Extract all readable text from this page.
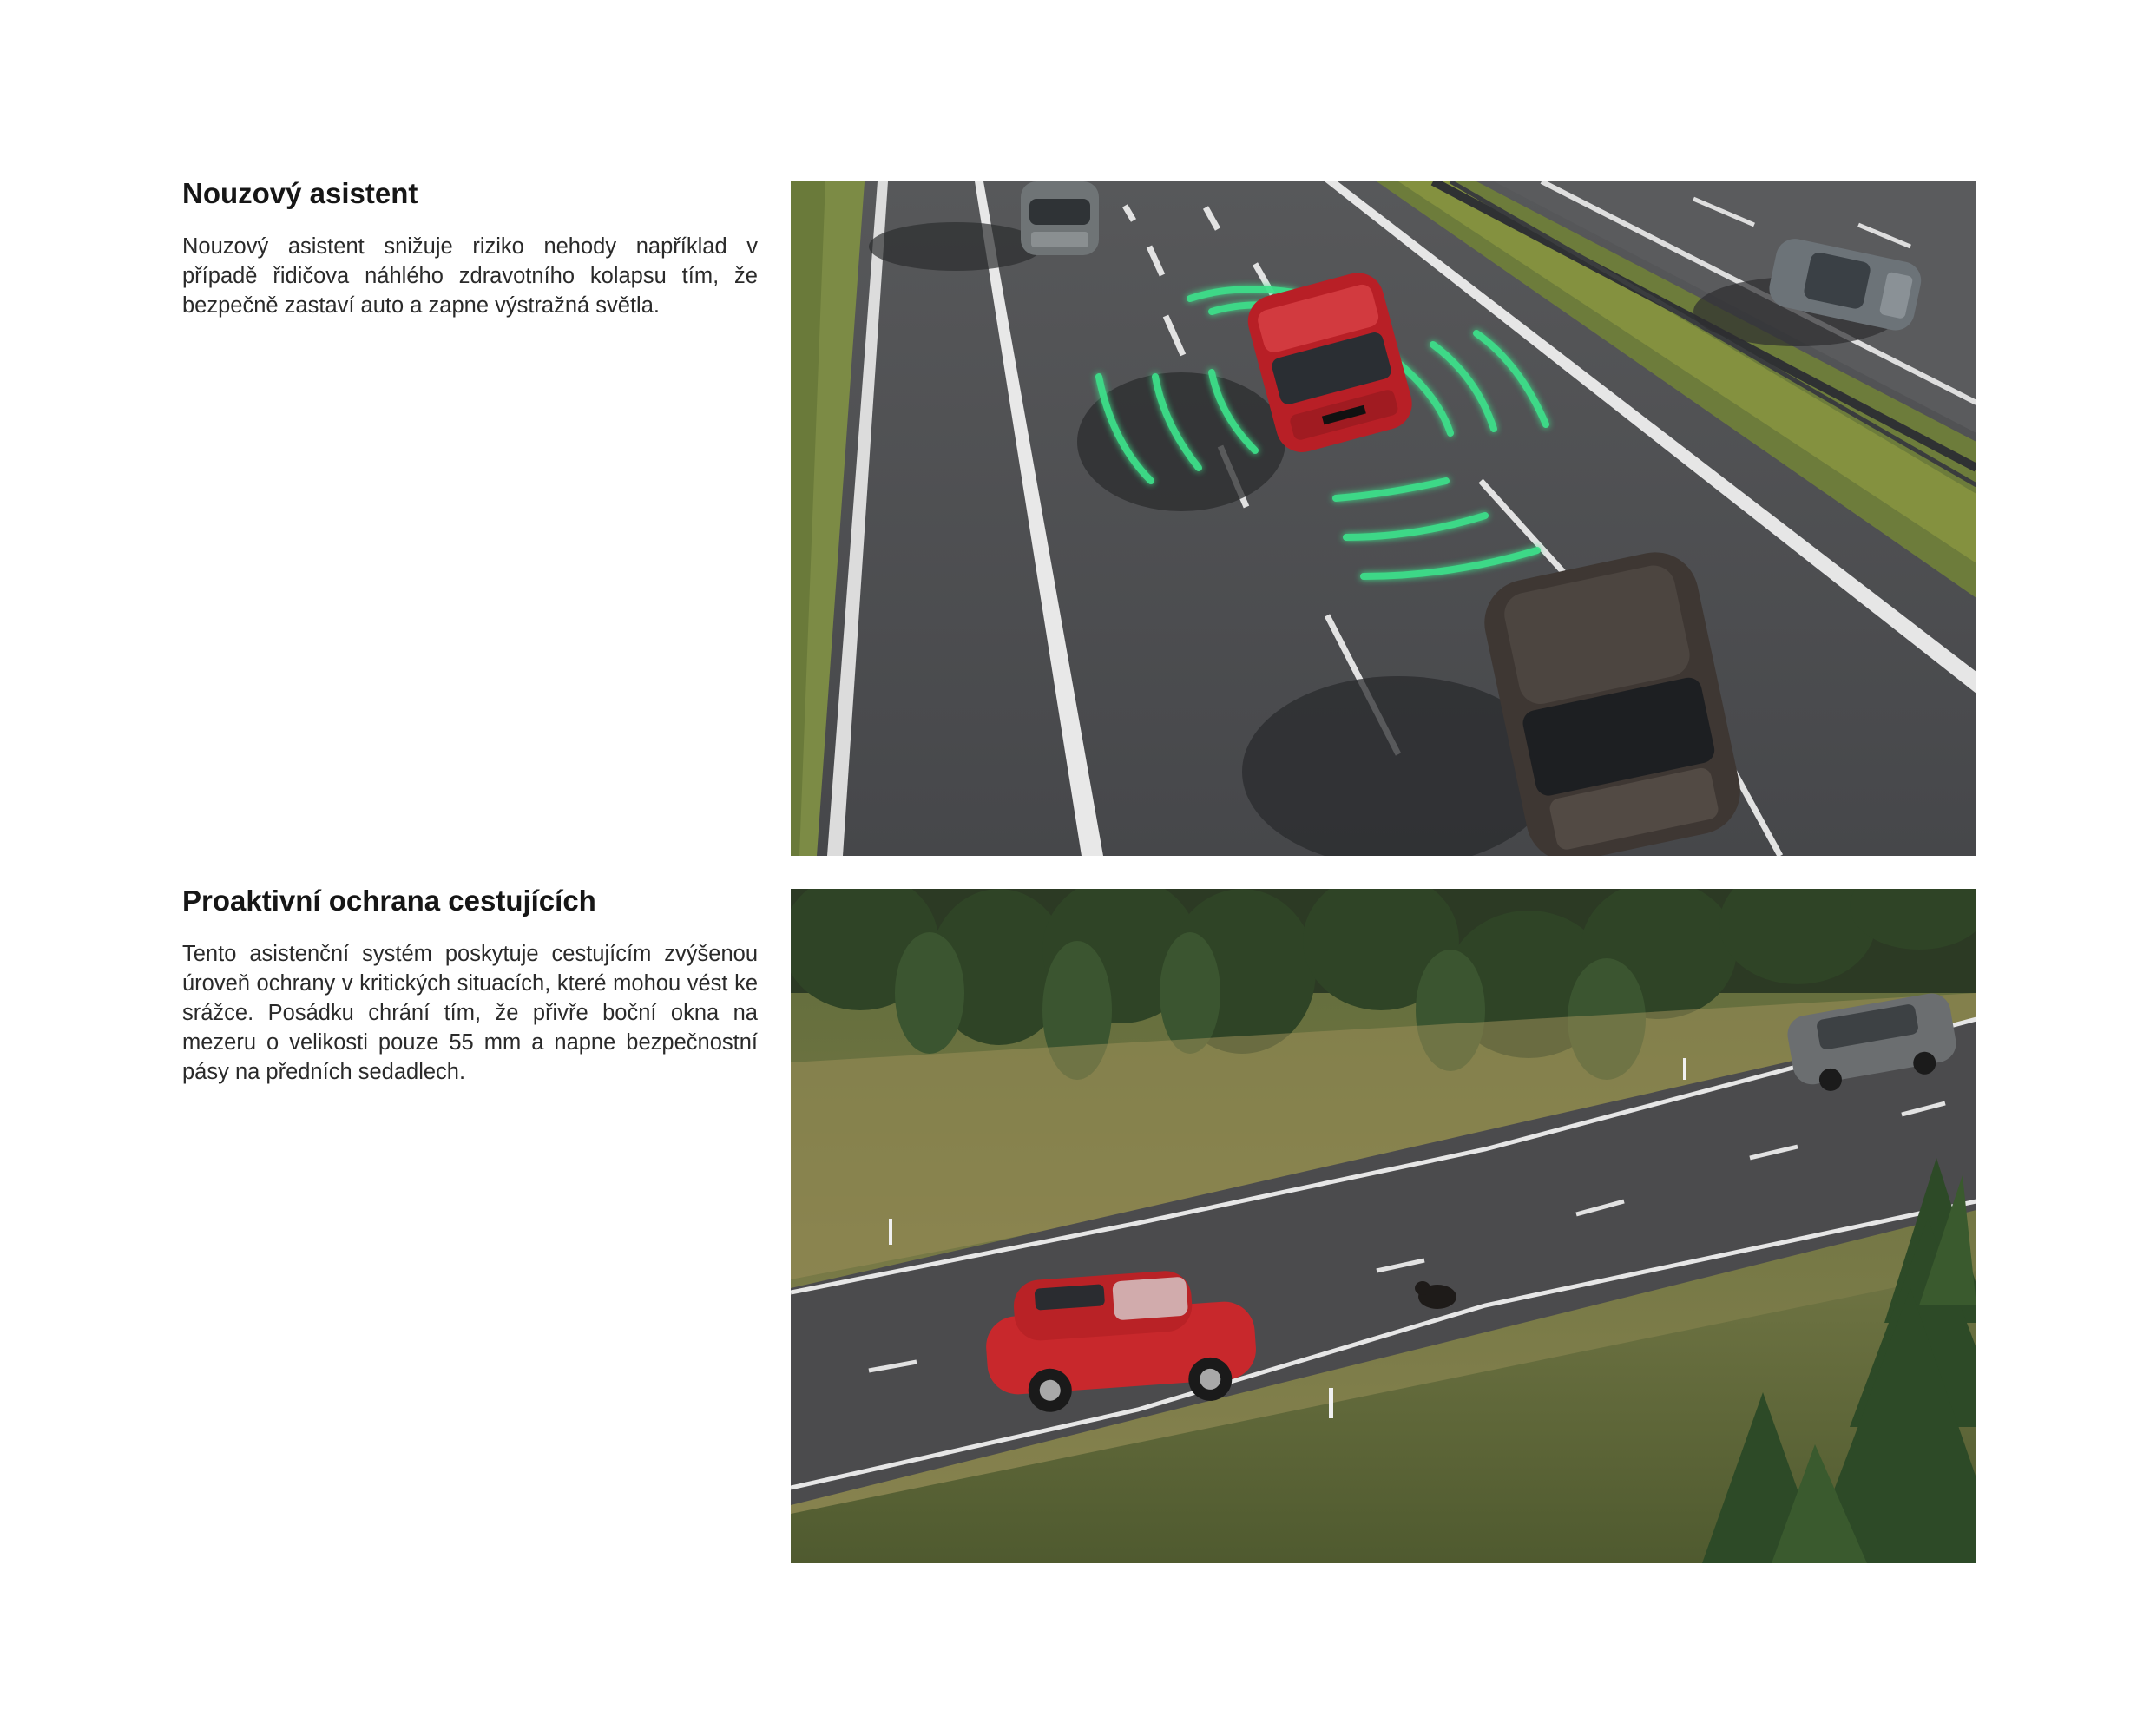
Nouzový asistent

Nouzový asistent snižuje riziko nehody například v případě řidičova náhlého zdravotního kolapsu tím, že bezpečně zastaví auto a zapne výstražná světla.

Proaktivní ochrana cestujících

Tento asistenční systém poskytuje cestujícím zvýšenou úroveň ochrany v kritických situacích, které mohou vést ke srážce. Posádku chrání tím, že přivře boční okna na mezeru o velikosti pouze 55 mm a napne bezpečnostní pásy na předních sedadlech.
